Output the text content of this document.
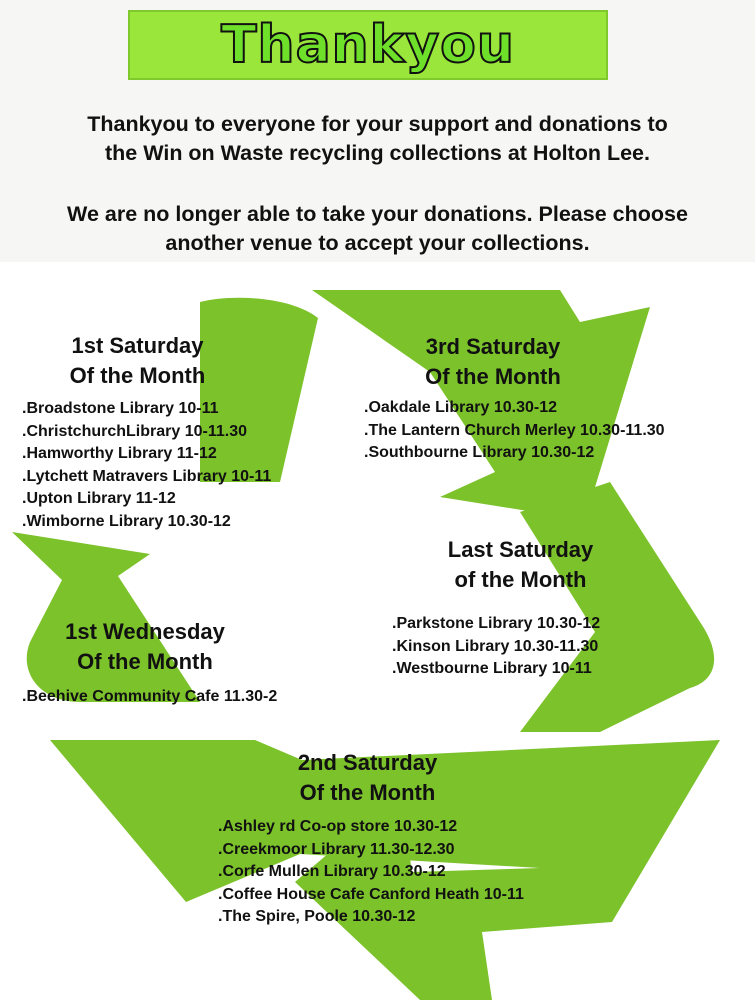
Thankyou

Thankyou to everyone for your support and donations to

the Win on Waste recycling collections at Holton Lee.

We are no longer able to take your donations. Please choose

another venue to accept your collections.

1st Saturday
Of the Month
.Broadstone Library 10-11
.ChristchurchLibrary 10-11.30
.Hamworthy Library 11-12
.Lytchett Matravers Library 10-11
.Upton Library 11-12
.Wimborne Library 10.30-12
3rd Saturday
Of the Month
.Oakdale Library 10.30-12
.The Lantern Church Merley 10.30-11.30
.Southbourne Library 10.30-12
Last Saturday
of the Month
.Parkstone Library 10.30-12
.Kinson Library 10.30-11.30
.Westbourne Library 10-11
1st Wednesday
Of the Month
.Beehive Community Cafe 11.30-2
2nd Saturday
Of the Month
.Ashley rd Co-op store 10.30-12
.Creekmoor Library 11.30-12.30
.Corfe Mullen Library 10.30-12
.Coffee House Cafe Canford Heath 10-11
.The Spire, Poole 10.30-12
